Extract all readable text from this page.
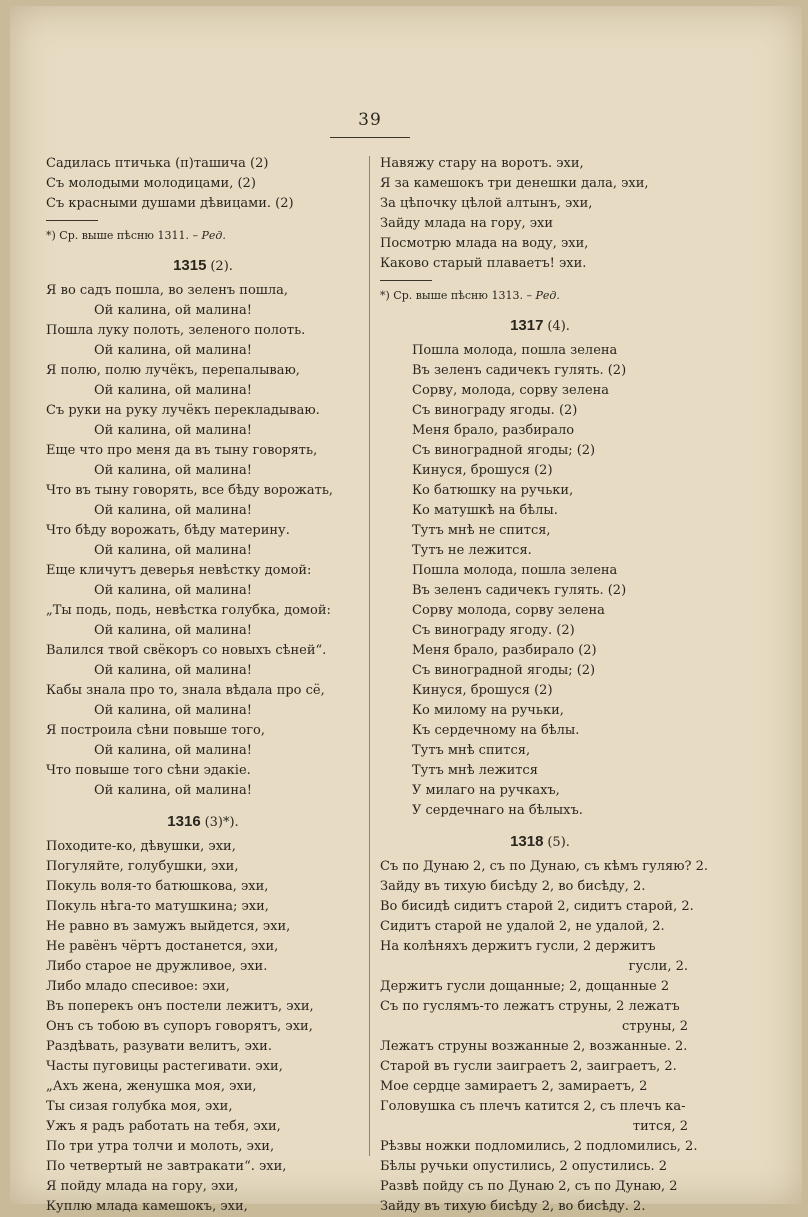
39
Садилась птичька (п)ташича (2)
Съ молодыми молодицами, (2)
Съ красными душами дѣвицами. (2)
*) Ср. выше пѣсню 1311. – Ред.
1315 (2).
Я во садъ пошла, во зеленъ пошла,
Ой калина, ой малина!
Пошла луку полоть, зеленого полоть.
Ой калина, ой малина!
Я полю, полю лучёкъ, перепалываю,
Ой калина, ой малина!
Съ руки на руку лучёкъ перекладываю.
Ой калина, ой малина!
Еще что про меня да въ тыну говорять,
Ой калина, ой малина!
Что въ тыну говорять, все бѣду ворожать,
Ой калина, ой малина!
Что бѣду ворожать, бѣду материну.
Ой калина, ой малина!
Еще кличутъ деверья невѣстку домой:
Ой калина, ой малина!
„Ты подь, подь, невѣстка голубка, домой:
Ой калина, ой малина!
Валился твой свёкоръ со новыхъ сѣней“.
Ой калина, ой малина!
Кабы знала про то, знала вѣдала про сё,
Ой калина, ой малина!
Я построила сѣни повыше того,
Ой калина, ой малина!
Что повыше того сѣни эдакіе.
Ой калина, ой малина!
1316 (3)*).
Походите-ко, дѣвушки, эхи,
Погуляйте, голубушки, эхи,
Покуль воля-то батюшкова, эхи,
Покуль нѣга-то матушкина; эхи,
Не равно въ замужъ выйдется, эхи,
Не равёнъ чёртъ достанется, эхи,
Либо старое не дружливое, эхи.
Либо младо спесивое: эхи,
Въ поперекъ онъ постели лежитъ, эхи,
Онъ съ тобою въ супоръ говорятъ, эхи,
Раздѣвать, разувати велитъ, эхи.
Часты пуговицы растегивати. эхи,
„Ахъ жена, женушка моя, эхи,
Ты сизая голубка моя, эхи,
Ужъ я радъ работать на тебя, эхи,
По три утра толчи и молоть, эхи,
По четвертый не завтракати“. эхи,
Я пойду млада на гору, эхи,
Куплю млада камешокъ, эхи,
Навяжу стару на воротъ. эхи,
Я за камешокъ три денешки дала, эхи,
За цѣпочку цѣлой алтынъ, эхи,
Зайду млада на гору, эхи
Посмотрю млада на воду, эхи,
Каково старый плаваетъ! эхи.
*) Ср. выше пѣсню 1313. – Ред.
1317 (4).
Пошла молода, пошла зелена
Въ зеленъ садичекъ гулять. (2)
Сорву, молода, сорву зелена
Съ винограду ягоды. (2)
Меня брало, разбирало
Съ виноградной ягоды; (2)
Кинуся, брошуся (2)
Ко батюшку на ручьки,
Ко матушкѣ на бѣлы.
Тутъ мнѣ не спится,
Тутъ не лежится.
Пошла молода, пошла зелена
Въ зеленъ садичекъ гулять. (2)
Сорву молода, сорву зелена
Съ винограду ягоду. (2)
Меня брало, разбирало (2)
Съ виноградной ягоды; (2)
Кинуся, брошуся (2)
Ко милому на ручьки,
Къ сердечному на бѣлы.
Тутъ мнѣ спится,
Тутъ мнѣ лежится
У милаго на ручкахъ,
У сердечнаго на бѣлыхъ.
1318 (5).
Съ по Дунаю 2, съ по Дунаю, съ кѣмъ гуляю? 2.
Зайду въ тихую бисѣду 2, во бисѣду, 2.
Во бисидѣ сидитъ старой 2, сидитъ старой, 2.
Сидитъ старой не удалой 2, не удалой, 2.
На колѣняхъ держитъ гусли, 2 держитъ
гусли, 2.
Держитъ гусли дощанные; 2, дощанные 2
Съ по гуслямъ-то лежатъ струны, 2 лежатъ
струны, 2
Лежатъ струны возжанные 2, возжанные. 2.
Старой въ гусли заиграетъ 2, заиграетъ, 2.
Мое сердце замираетъ 2, замираетъ, 2
Головушка съ плечъ катится 2, съ плечъ ка-
тится, 2
Рѣзвы ножки подломились, 2 подломились, 2.
Бѣлы ручьки опустились, 2 опустились. 2
Развѣ пойду съ по Дунаю 2, съ по Дунаю, 2
Зайду въ тихую бисѣду 2, во бисѣду. 2.
